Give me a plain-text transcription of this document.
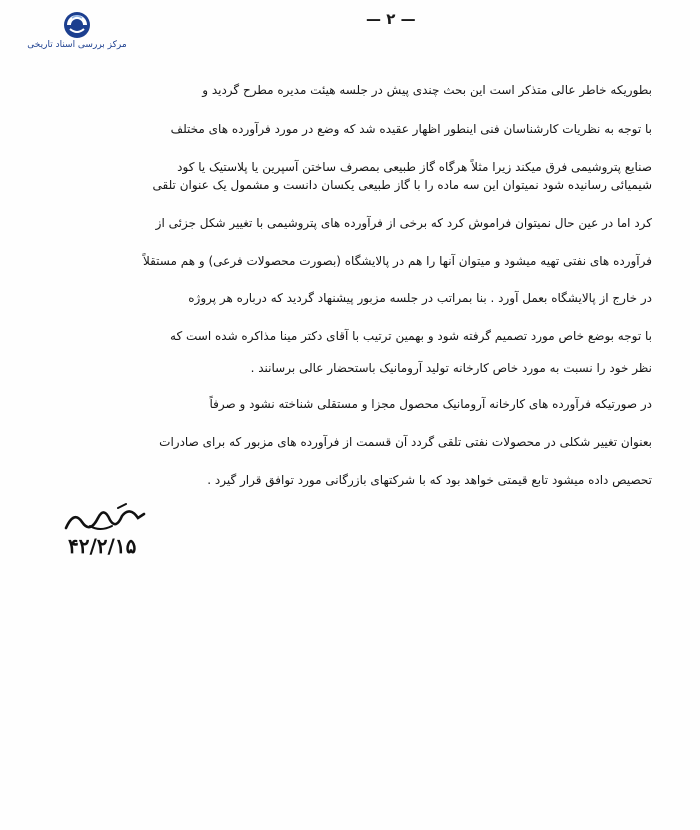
مرکز بررسی اسناد تاریخی
— ۲ —
بطوریکه خاطر عالی متذکر است این بحث چندی پیش در جلسه هیئت مدیره مطرح گردید و
با توجه به نظریات کارشناسان فنی اینطور اظهار عقیده شد که وضع در مورد فرآورده های مختلف
صنایع پتروشیمی فرق میکند زیرا مثلاً هرگاه گاز طبیعی بمصرف ساختن آسپرین یا پلاستیک یا کود
شیمیائی رسانیده شود نمیتوان این سه ماده را با گاز طبیعی یکسان دانست و مشمول یک عنوان تلقی
کرد اما در عین حال نمیتوان فراموش کرد که برخی از فرآورده های پتروشیمی با تغییر شکل جزئی از
فرآورده های نفتی تهیه میشود و میتوان آنها را هم در پالایشگاه (بصورت محصولات فرعی) و هم مستقلاً
در خارج از پالایشگاه بعمل آورد . بنا بمراتب در جلسه مزبور پیشنهاد گردید که درباره هر پروژه
با توجه بوضع خاص مورد تصمیم گرفته شود و بهمین ترتیب با آقای دکتر مینا مذاکره شده است که
نظر خود را نسبت به مورد خاص کارخانه تولید آرومانیک باستحضار عالی برسانند .
در صورتیکه فرآورده های کارخانه آرومانیک محصول مجزا و مستقلی شناخته نشود و صرفاً
بعنوان تغییر شکلی در محصولات نفتی تلقی گردد آن قسمت از فرآورده های مزبور که برای صادرات
تحصیص داده میشود تابع قیمتی خواهد بود که با شرکتهای بازرگانی مورد توافق قرار گیرد .
۴۲/۲/۱۵
